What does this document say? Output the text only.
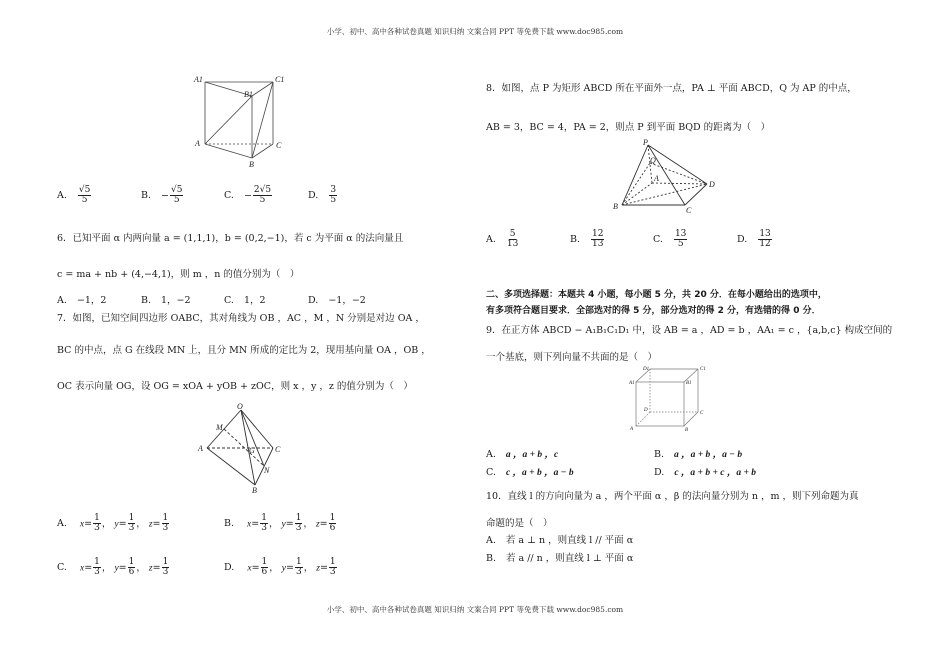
小学、初中、高中各种试卷真题 知识归纳 文案合同 PPT 等免费下载 www.doc985.com
小学、初中、高中各种试卷真题 知识归纳 文案合同 PPT 等免费下载 www.doc985.com
A1
B1
C1
A
B
C
A. $\frac{√5}{5}$	B. − $\frac{√5}{5}$	C. − $\frac{2√5}{5}$	D. $\frac{3}{5}$
6．已知平面 α 内两向量 a = (1,1,1)，b = (0,2,−1)，若 c 为平面 α 的法向量且
c = ma + nb + (4,−4,1)，则 m ，n 的值分别为（　）
A. −1，2	B. 1，−2	C. 1，2	D. −1，−2
7．如图，已知空间四边形 OABC，其对角线为 OB ，AC ，M ，N 分别是对边 OA ，
BC 的中点，点 G 在线段 MN 上，且分 MN 所成的定比为 2，现用基向量 OA ，OB ，
OC 表示向量 OG，设 OG = xOA + yOB + zOC，则 x ，y ，z 的值分别为（　）
O
M
A	G	C
N
B
A. $x= \frac{1}{3}$ ， $y= \frac{1}{3}$ ， $z= \frac{1}{3}$	B. $x= \frac{1}{3}$ ， $y= \frac{1}{3}$ ， $z= \frac{1}{6}$
C. $x= \frac{1}{3}$ ， $y= \frac{1}{6}$ ， $z= \frac{1}{3}$	D. $x= \frac{1}{6}$ ， $y= \frac{1}{3}$ ， $z= \frac{1}{3}$
8．如图，点 P 为矩形 ABCD 所在平面外一点，PA ⊥ 平面 ABCD，Q 为 AP 的中点，
AB = 3，BC = 4，PA = 2，则点 P 到平面 BQD 的距离为（　）
P
Q
A
D
B	C
A. $\frac{5}{13}$	B. $\frac{12}{13}$	C. $\frac{13}{5}$	D. $\frac{13}{12}$
二、多项选择题：本题共 4 小题，每小题 5 分，共 20 分．在每小题给出的选项中，
有多项符合题目要求．全部选对的得 5 分，部分选对的得 2 分，有选错的得 0 分．
9．在正方体 ABCD − A₁B₁C₁D₁ 中，设 AB = a ，AD = b ，AA₁ = c ，{a,b,c} 构成空间的
一个基底，则下列向量不共面的是（　）
D1	C1
A1	B1
D
C
A	B
A. a ，a + b ，c	B. a ，a + b ，a − b
C. c ，a + b ，a − b	D. c ，a + b + c ，a + b
10．直线 l 的方向向量为 a ，两个平面 α ，β 的法向量分别为 n ，m ，则下列命题为真
命题的是（　）
A. 若 a ⊥ n ，则直线 l // 平面 α
B. 若 a // n ，则直线 l ⊥ 平面 α
